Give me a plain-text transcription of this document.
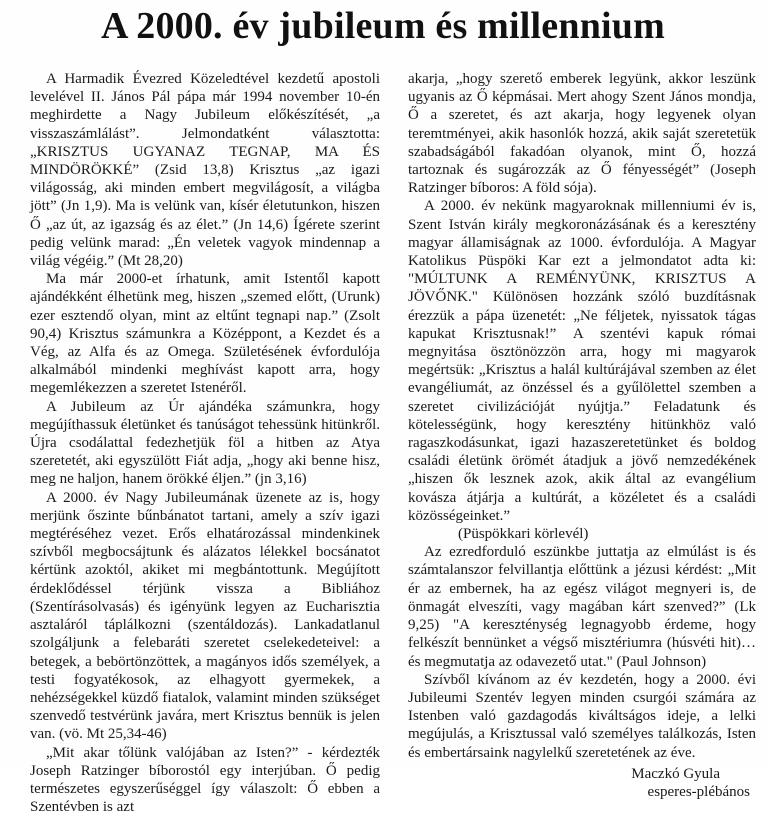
A 2000. év jubileum és millennium

A Harmadik Évezred Közeledtével kezdetű apostoli levelével II. János Pál pápa már 1994 november 10-én meghirdette a Nagy Jubileum előkészítését, „a visszaszámlálást”. Jelmondatként választotta:„KRISZTUS UGYANAZ TEGNAP, MA ÉS MINDÖRÖKKÉ” (Zsid 13,8) Krisztus „az igazi világosság, aki minden embert megvilágosít, a világba jött” (Jn 1,9). Ma is velünk van, kísér életutunkon, hiszen Ő „az út, az igazság és az élet.” (Jn 14,6) Ígérete szerint pedig velünk marad: „Én veletek vagyok mindennap a világ végéig.” (Mt 28,20)

Ma már 2000-et írhatunk, amit Istentől kapott ajándékként élhetünk meg, hiszen „szemed előtt, (Urunk) ezer esztendő olyan, mint az eltűnt tegnapi nap.” (Zsolt 90,4) Krisztus számunkra a Középpont, a Kezdet és a Vég, az Alfa és az Omega. Születésének évfordulója alkalmából mindenki meghívást kapott arra, hogy megemlékezzen a szeretet Istenéről.

A Jubileum az Úr ajándéka számunkra, hogy megújíthassuk életünket és tanúságot tehessünk hitünkről. Újra csodálattal fedezhetjük föl a hitben az Atya szeretetét, aki egyszülött Fiát adja, „hogy aki benne hisz, meg ne haljon, hanem örökké éljen.” (jn 3,16)

A 2000. év Nagy Jubileumának üzenete az is, hogy merjünk őszinte bűnbánatot tartani, amely a szív igazi megtéréséhez vezet. Erős elhatározással mindenkinek szívből megbocsájtunk és alázatos lélekkel bocsánatot kértünk azoktól, akiket mi megbántottunk. Megújított érdeklődéssel térjünk vissza a Bibliához (Szentírásolvasás) és igényünk legyen az Eucharisztia asztaláról táplálkozni (szentáldozás). Lankadatlanul szolgáljunk a felebaráti szeretet cselekedeteivel: a betegek, a bebörtönzöttek, a magányos idős személyek, a testi fogyatékosok, az elhagyott gyermekek, a nehézségekkel küzdő fiatalok, valamint minden szükséget szenvedő testvérünk javára, mert Krisztus bennük is jelen van. (vö. Mt 25,34-46)

„Mit akar tőlünk valójában az Isten?” - kérdezték Joseph Ratzinger bíborostól egy interjúban. Ő pedig természetes egyszerűséggel így válaszolt: Ő ebben a Szentévben is azt

akarja, „hogy szerető emberek legyünk, akkor leszünk ugyanis az Ő képmásai. Mert ahogy Szent János mondja, Ő a szeretet, és azt akarja, hogy legyenek olyan teremtményei, akik hasonlók hozzá, akik saját szeretetük szabadságából fakadóan olyanok, mint Ő, hozzá tartoznak és sugározzák az Ő fényességét” (Joseph Ratzinger bíboros: A föld sója).

A 2000. év nekünk magyaroknak millenniumi év is, Szent István király megkoronázásának és a keresztény magyar államiságnak az 1000. évfordulója. A Magyar Katolikus Püspöki Kar ezt a jelmondatot adta ki: "MÚLTUNK A REMÉNYÜNK, KRISZTUS A JÖVŐNK." Különösen hozzánk szóló buzdításnak érezzük a pápa üzenetét: „Ne féljetek, nyissatok tágas kapukat Krisztusnak!” A szentévi kapuk római megnyitása ösztönözzön arra, hogy mi magyarok megértsük: „Krisztus a halál kultúrájával szemben az élet evangéliumát, az önzéssel és a gyűlölettel szemben a szeretet civilizációját nyújtja.” Feladatunk és kötelességünk, hogy keresztény hitünkhöz való ragaszkodásunkat, igazi hazaszeretetünket és boldog családi életünk örömét átadjuk a jövő nemzedékének „hiszen ők lesznek azok, akik által az evangélium kovásza átjárja a kultúrát, a közéletet és a családi közösségeinket.”

(Püspökkari körlevél)

Az ezredforduló eszünkbe juttatja az elmúlást is és számtalanszor felvillantja előttünk a jézusi kérdést: „Mit ér az embernek, ha az egész világot megnyeri is, de önmagát elveszíti, vagy magában kárt szenved?” (Lk 9,25) "A kereszténység legnagyobb érdeme, hogy felkészít bennünket a végső misztériumra (húsvéti hit)… és megmutatja az odavezető utat." (Paul Johnson)

Szívből kívánom az év kezdetén, hogy a 2000. évi Jubileumi Szentév legyen minden csurgói számára az Istenben való gazdagodás kiváltságos ideje, a lelki megújulás, a Krisztussal való személyes találkozás, Isten és embertársaink nagylelkű szeretetének az éve.

Maczkó Gyula
esperes-plébános
